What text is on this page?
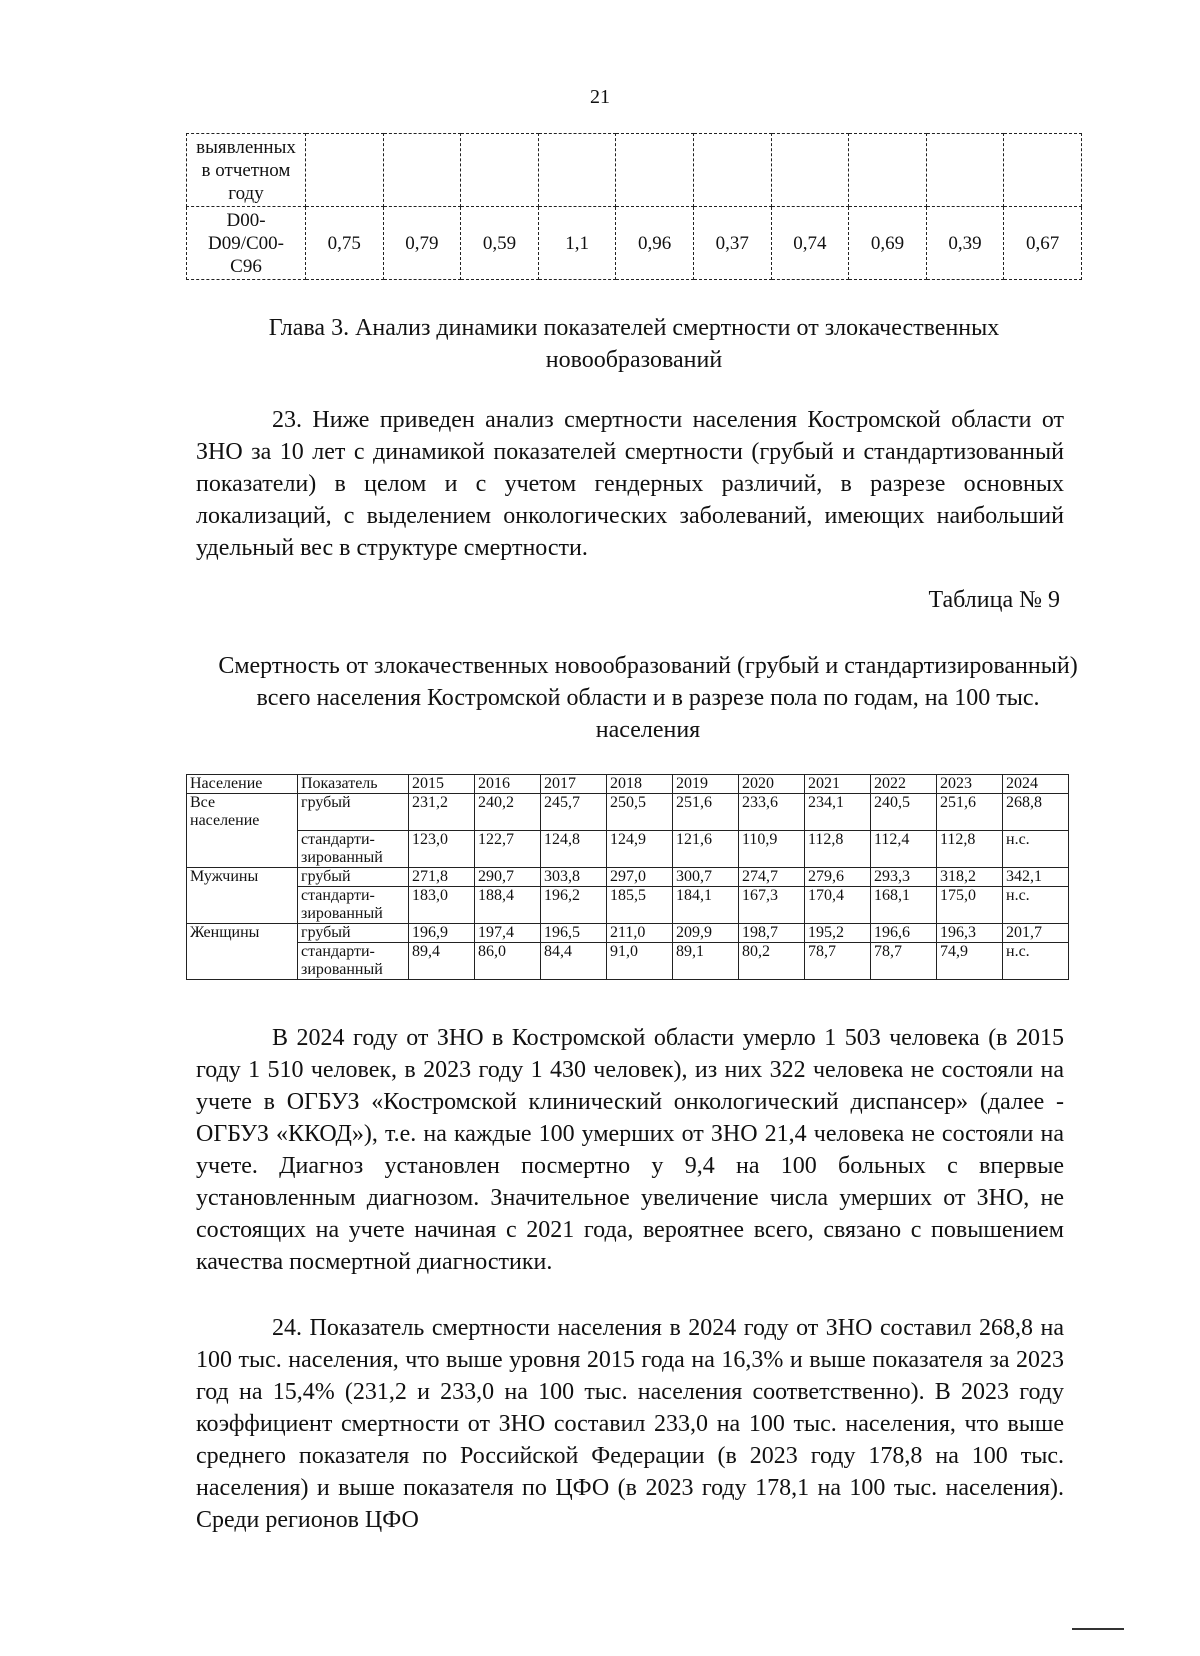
21
выявленных
в отчетном
году										

D00-
D09/C00-
C96	0,75	0,79	0,59	1,1	0,96	0,37	0,74	0,69	0,39	0,67
Глава 3. Анализ динамики показателей смертности от злокачественных новообразований
23. Ниже приведен анализ смертности населения Костромской области от ЗНО за 10 лет с динамикой показателей смертности (грубый и стандартизованный показатели) в целом и с учетом гендерных различий, в разрезе основных локализаций, с выделением онкологических заболеваний, имеющих наибольший удельный вес в структуре смертности.
Таблица № 9
Смертность от злокачественных новообразований (грубый и стандартизированный) всего населения Костромской области и в разрезе пола по годам, на 100 тыс. населения
Население	Показатель	2015	2016	2017	2018	2019	2020	2021	2022	2023	2024

Все
население	грубый	231,2	240,2	245,7	250,5	251,6	233,6	234,1	240,5	251,6	268,8

	стандарти-
зированный	123,0	122,7	124,8	124,9	121,6	110,9	112,8	112,4	112,8	н.с.

Мужчины	грубый	271,8	290,7	303,8	297,0	300,7	274,7	279,6	293,3	318,2	342,1

	стандарти-
зированный	183,0	188,4	196,2	185,5	184,1	167,3	170,4	168,1	175,0	н.с.

Женщины	грубый	196,9	197,4	196,5	211,0	209,9	198,7	195,2	196,6	196,3	201,7

	стандарти-
зированный	89,4	86,0	84,4	91,0	89,1	80,2	78,7	78,7	74,9	н.с.
В 2024 году от ЗНО в Костромской области умерло 1 503 человека (в 2015 году 1 510 человек, в 2023 году 1 430 человек), из них 322 человека не состояли на учете в ОГБУЗ «Костромской клинический онкологический диспансер» (далее - ОГБУЗ «ККОД»), т.е. на каждые 100 умерших от ЗНО 21,4 человека не состояли на учете. Диагноз установлен посмертно у 9,4 на 100 больных с впервые установленным диагнозом. Значительное увеличение числа умерших от ЗНО, не состоящих на учете начиная с 2021 года, вероятнее всего, связано с повышением качества посмертной диагностики.
24. Показатель смертности населения в 2024 году от ЗНО составил 268,8 на 100 тыс. населения, что выше уровня 2015 года на 16,3% и выше показателя за 2023 год на 15,4% (231,2 и 233,0 на 100 тыс. населения соответственно). В 2023 году коэффициент смертности от ЗНО составил 233,0 на 100 тыс. населения, что выше среднего показателя по Российской Федерации (в 2023 году 178,8 на 100 тыс. населения) и выше показателя по ЦФО (в 2023 году 178,1 на 100 тыс. населения). Среди регионов ЦФО
